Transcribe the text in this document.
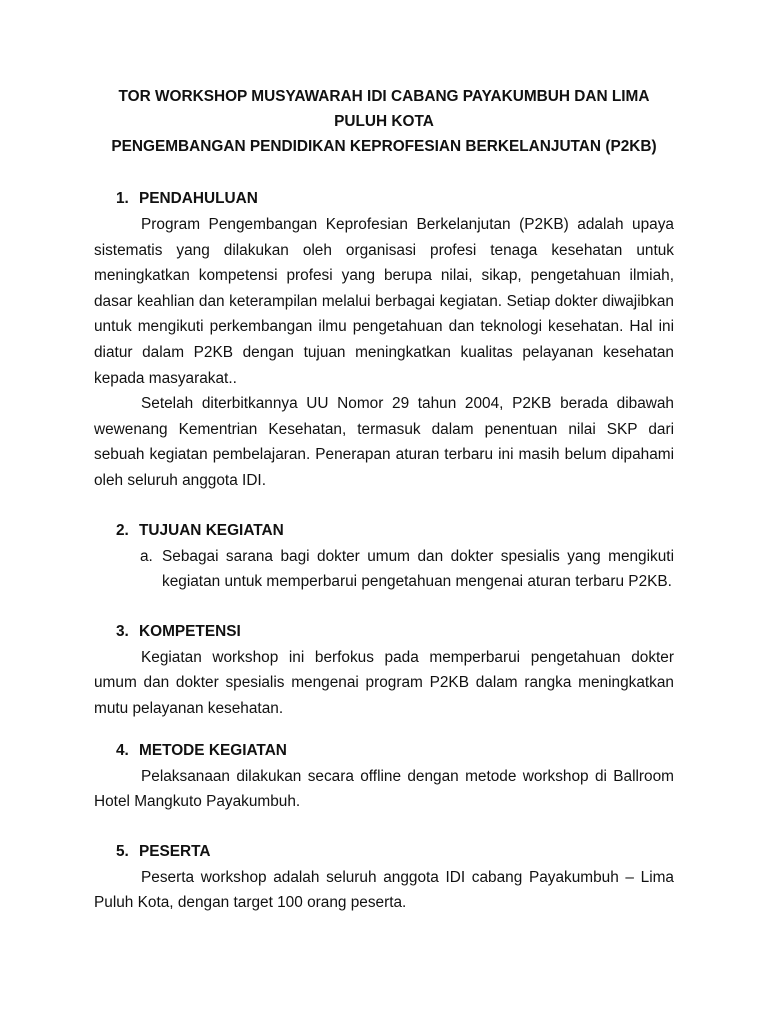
TOR WORKSHOP MUSYAWARAH IDI CABANG PAYAKUMBUH DAN LIMA PULUH KOTA

PENGEMBANGAN PENDIDIKAN KEPROFESIAN BERKELANJUTAN (P2KB)

1. PENDAHULUAN

Program Pengembangan Keprofesian Berkelanjutan (P2KB) adalah upaya sistematis yang dilakukan oleh organisasi profesi tenaga kesehatan untuk meningkatkan kompetensi profesi yang berupa nilai, sikap, pengetahuan ilmiah, dasar keahlian dan keterampilan melalui berbagai kegiatan. Setiap dokter diwajibkan untuk mengikuti perkembangan ilmu pengetahuan dan teknologi kesehatan. Hal ini diatur dalam P2KB dengan tujuan meningkatkan kualitas pelayanan kesehatan kepada masyarakat..

Setelah diterbitkannya UU Nomor 29 tahun 2004, P2KB berada dibawah wewenang Kementrian Kesehatan, termasuk dalam penentuan nilai SKP dari sebuah kegiatan pembelajaran. Penerapan aturan terbaru ini masih belum dipahami oleh seluruh anggota IDI.

2. TUJUAN KEGIATAN

a. Sebagai sarana bagi dokter umum dan dokter spesialis yang mengikuti kegiatan untuk memperbarui pengetahuan mengenai aturan terbaru P2KB.

3. KOMPETENSI

Kegiatan workshop ini berfokus pada memperbarui pengetahuan dokter umum dan dokter spesialis mengenai program P2KB dalam rangka meningkatkan mutu pelayanan kesehatan.

4. METODE KEGIATAN

Pelaksanaan dilakukan secara offline dengan metode workshop di Ballroom Hotel Mangkuto Payakumbuh.

5. PESERTA

Peserta workshop adalah seluruh anggota IDI cabang Payakumbuh – Lima Puluh Kota, dengan target 100 orang peserta.
